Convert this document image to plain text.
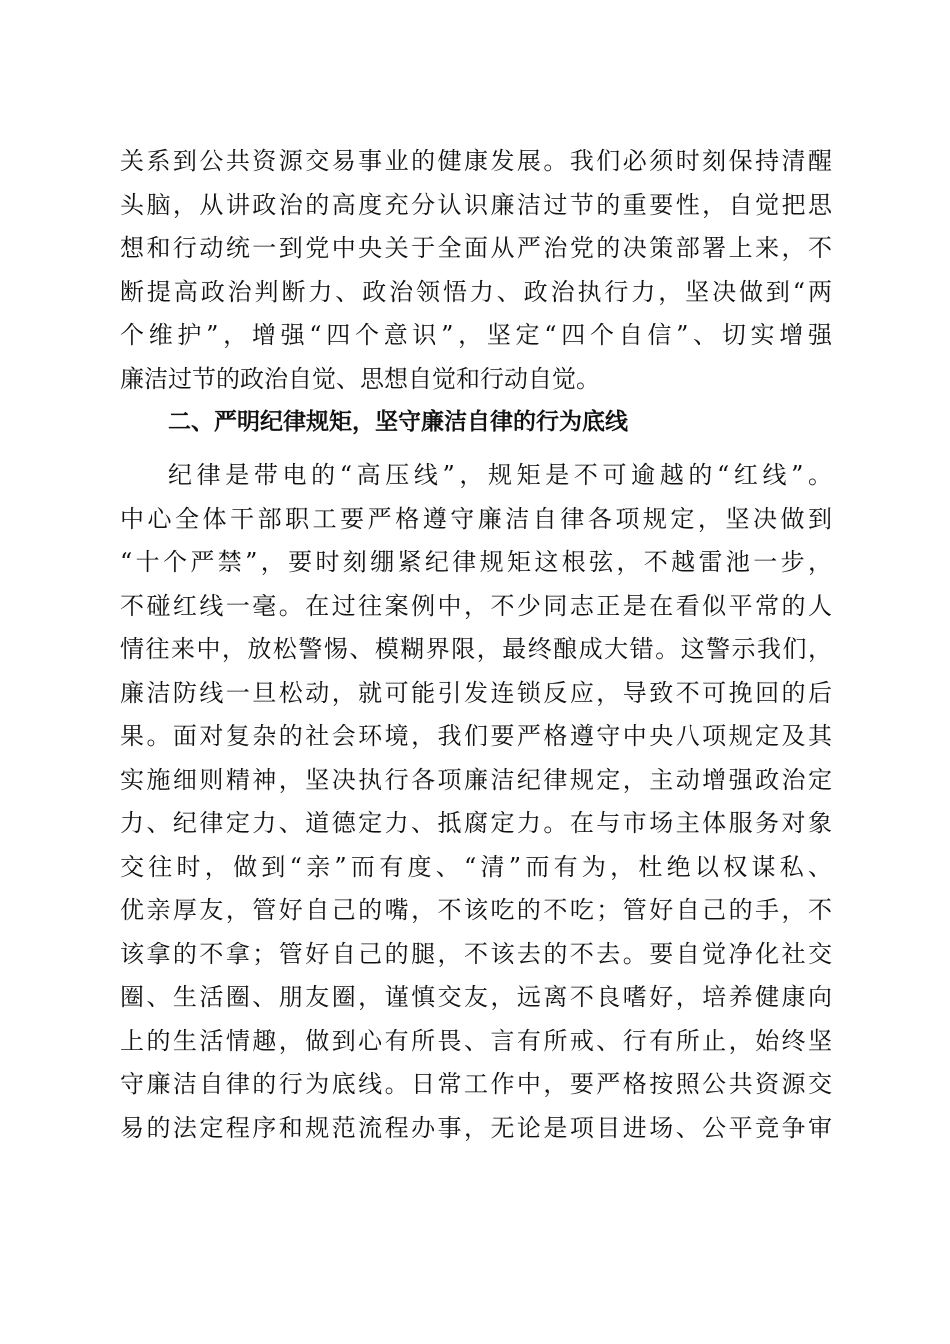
关系到公共资源交易事业的健康发展。我们必须时刻保持清醒
头脑，从讲政治的高度充分认识廉洁过节的重要性，自觉把思
想和行动统一到党中央关于全面从严治党的决策部署上来，不
断提高政治判断力、政治领悟力、政治执行力，坚决做到“两
个维护”，增强“四个意识”，坚定“四个自信”、切实增强
廉洁过节的政治自觉、思想自觉和行动自觉。
二、严明纪律规矩，坚守廉洁自律的行为底线
纪律是带电的“高压线”，规矩是不可逾越的“红线”。
中心全体干部职工要严格遵守廉洁自律各项规定，坚决做到
“十个严禁”，要时刻绷紧纪律规矩这根弦，不越雷池一步，
不碰红线一毫。在过往案例中，不少同志正是在看似平常的人
情往来中，放松警惕、模糊界限，最终酿成大错。这警示我们，
廉洁防线一旦松动，就可能引发连锁反应，导致不可挽回的后
果。面对复杂的社会环境，我们要严格遵守中央八项规定及其
实施细则精神，坚决执行各项廉洁纪律规定，主动增强政治定
力、纪律定力、道德定力、抵腐定力。在与市场主体服务对象
交往时，做到“亲”而有度、“清”而有为，杜绝以权谋私、
优亲厚友，管好自己的嘴，不该吃的不吃；管好自己的手，不
该拿的不拿；管好自己的腿，不该去的不去。要自觉净化社交
圈、生活圈、朋友圈，谨慎交友，远离不良嗜好，培养健康向
上的生活情趣，做到心有所畏、言有所戒、行有所止，始终坚
守廉洁自律的行为底线。日常工作中，要严格按照公共资源交
易的法定程序和规范流程办事，无论是项目进场、公平竞争审
